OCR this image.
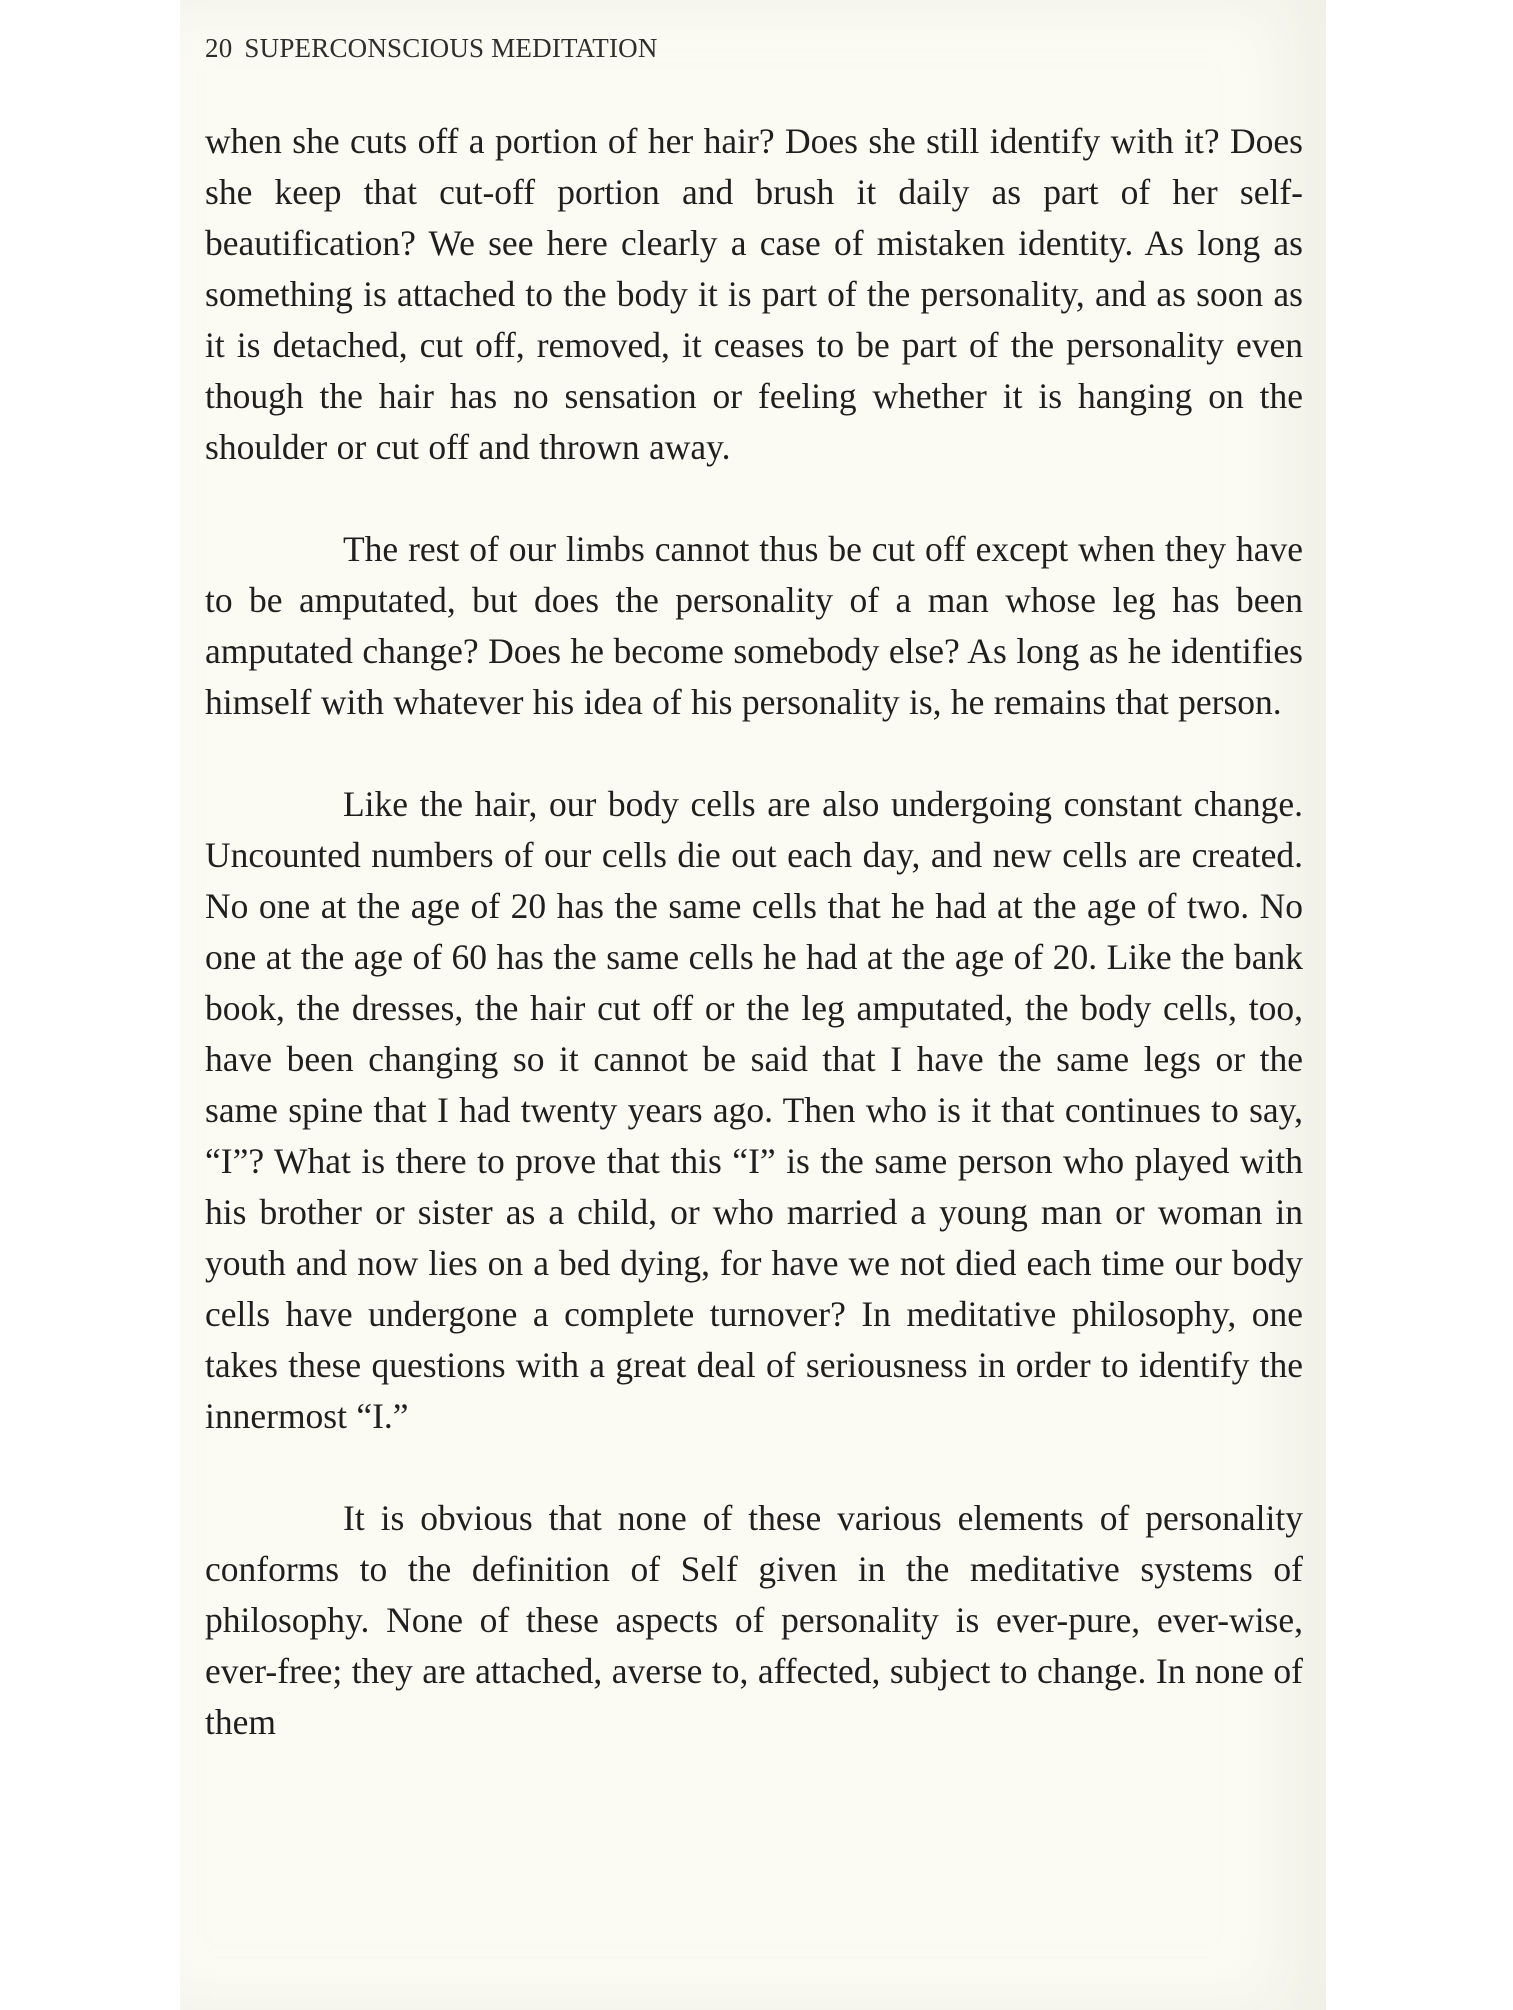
20 SUPERCONSCIOUS MEDITATION

when she cuts off a portion of her hair? Does she still identify with it? Does she keep that cut-off portion and brush it daily as part of her self-beautification? We see here clearly a case of mistaken identity. As long as something is attached to the body it is part of the personality, and as soon as it is detached, cut off, removed, it ceases to be part of the personality even though the hair has no sensation or feeling whether it is hanging on the shoulder or cut off and thrown away.

The rest of our limbs cannot thus be cut off except when they have to be amputated, but does the personality of a man whose leg has been amputated change? Does he become somebody else? As long as he identifies himself with whatever his idea of his personality is, he remains that person.

Like the hair, our body cells are also undergoing constant change. Uncounted numbers of our cells die out each day, and new cells are created. No one at the age of 20 has the same cells that he had at the age of two. No one at the age of 60 has the same cells he had at the age of 20. Like the bank book, the dresses, the hair cut off or the leg amputated, the body cells, too, have been changing so it cannot be said that I have the same legs or the same spine that I had twenty years ago. Then who is it that continues to say, “I”? What is there to prove that this “I” is the same person who played with his brother or sister as a child, or who married a young man or woman in youth and now lies on a bed dying, for have we not died each time our body cells have undergone a complete turnover? In meditative philosophy, one takes these questions with a great deal of seriousness in order to identify the innermost “I.”

It is obvious that none of these various elements of personality conforms to the definition of Self given in the meditative systems of philosophy. None of these aspects of personality is ever-pure, ever-wise, ever-free; they are attached, averse to, affected, subject to change. In none of them
